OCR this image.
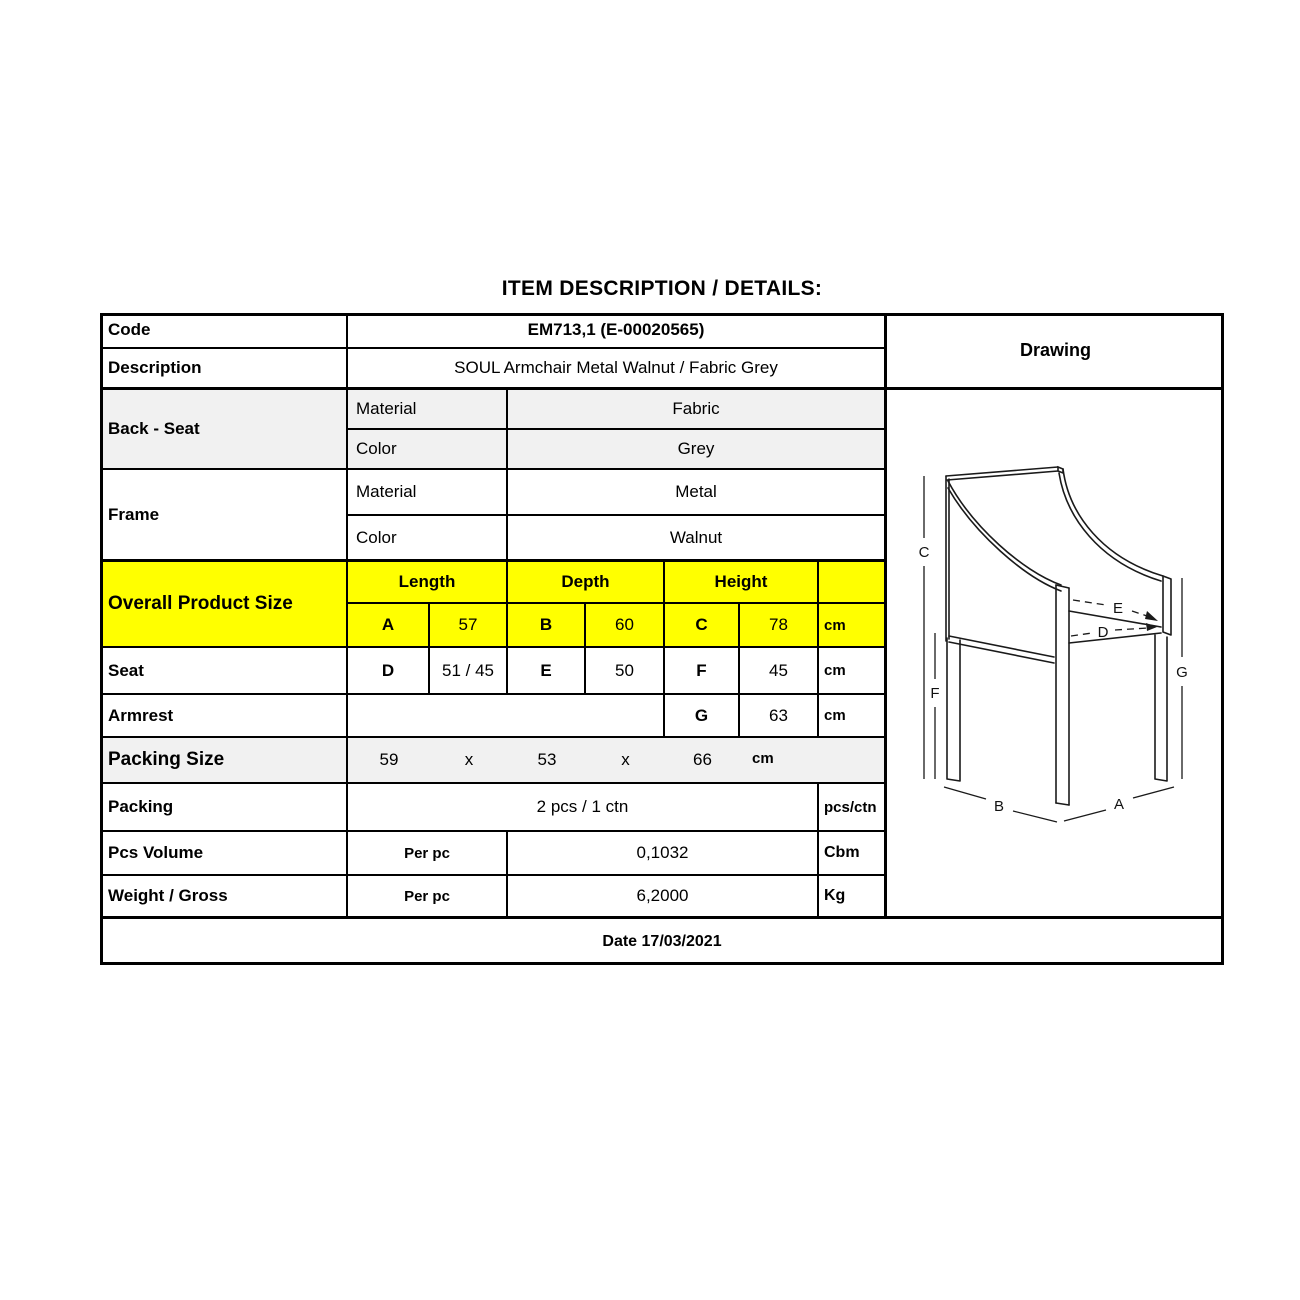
ITEM DESCRIPTION / DETAILS:
Code	EM713,1 (E-00020565)
Drawing
Description	SOUL Armchair Metal Walnut / Fabric Grey
Back - Seat
Material	Fabric
Color	Grey
Frame
Material	Metal
Color	Walnut
Overall Product Size
Length	Depth	Height
A	57	B	60	C	78	cm
Seat	D	51 / 45	E	50	F	45	cm
Armrest	G	63	cm
Packing Size	59	x	53	x	66	cm
Packing	2 pcs / 1 ctn	pcs/ctn
Pcs Volume	Per pc	0,1032	Cbm
Weight / Gross	Per pc	6,2000	Kg
C
F
G
B	A
E
D
Date 17/03/2021
